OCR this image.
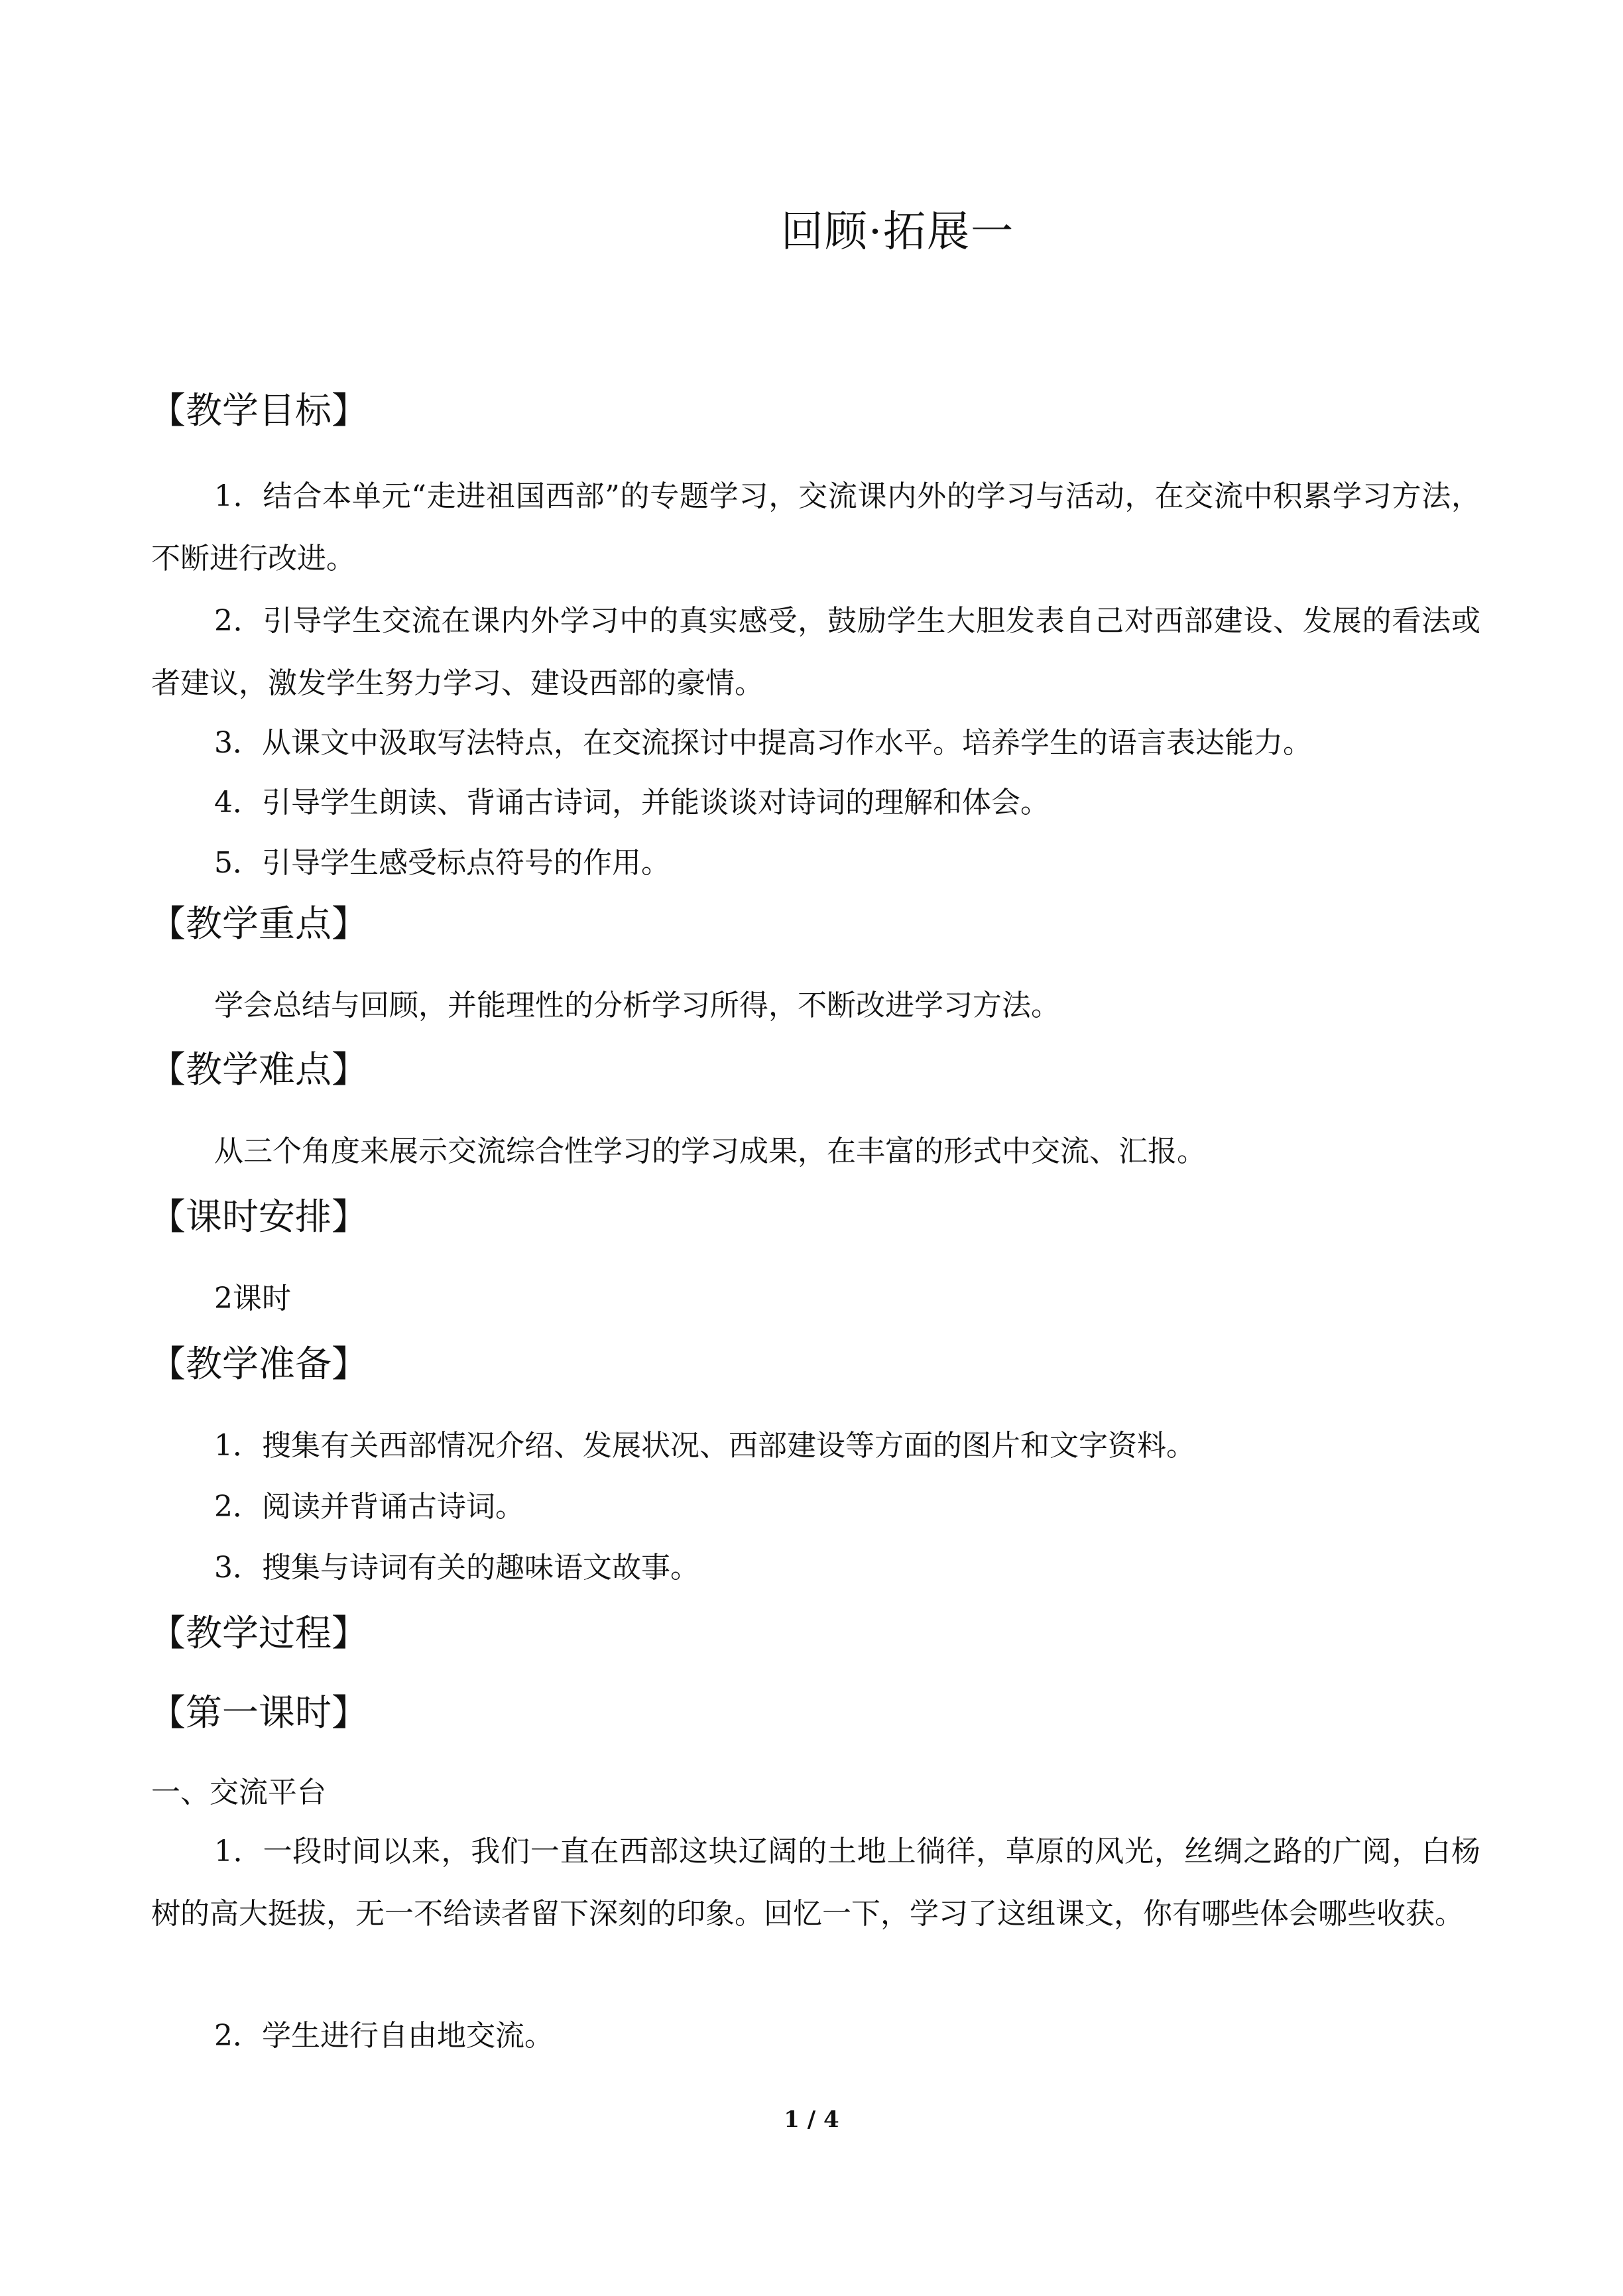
回顾·拓展一
【教学目标】

1．结合本单元“走进祖国西部”的专题学习，交流课内外的学习与活动，在交流中积累学习方法，不断进行改进。

2．引导学生交流在课内外学习中的真实感受，鼓励学生大胆发表自己对西部建设、发展的看法或者建议，激发学生努力学习、建设西部的豪情。

3．从课文中汲取写法特点，在交流探讨中提高习作水平。培养学生的语言表达能力。

4．引导学生朗读、背诵古诗词，并能谈谈对诗词的理解和体会。

5．引导学生感受标点符号的作用。

【教学重点】

学会总结与回顾，并能理性的分析学习所得，不断改进学习方法。

【教学难点】

从三个角度来展示交流综合性学习的学习成果，在丰富的形式中交流、汇报。

【课时安排】

2课时

【教学准备】

1．搜集有关西部情况介绍、发展状况、西部建设等方面的图片和文字资料。

2．阅读并背诵古诗词。

3．搜集与诗词有关的趣味语文故事。

【教学过程】
【第一课时】
一、交流平台

1．一段时间以来，我们一直在西部这块辽阔的土地上徜徉，草原的风光，丝绸之路的广阅，白杨树的高大挺拔，无一不给读者留下深刻的印象。回忆一下，学习了这组课文，你有哪些体会哪些收获。

2．学生进行自由地交流。

1 / 4
